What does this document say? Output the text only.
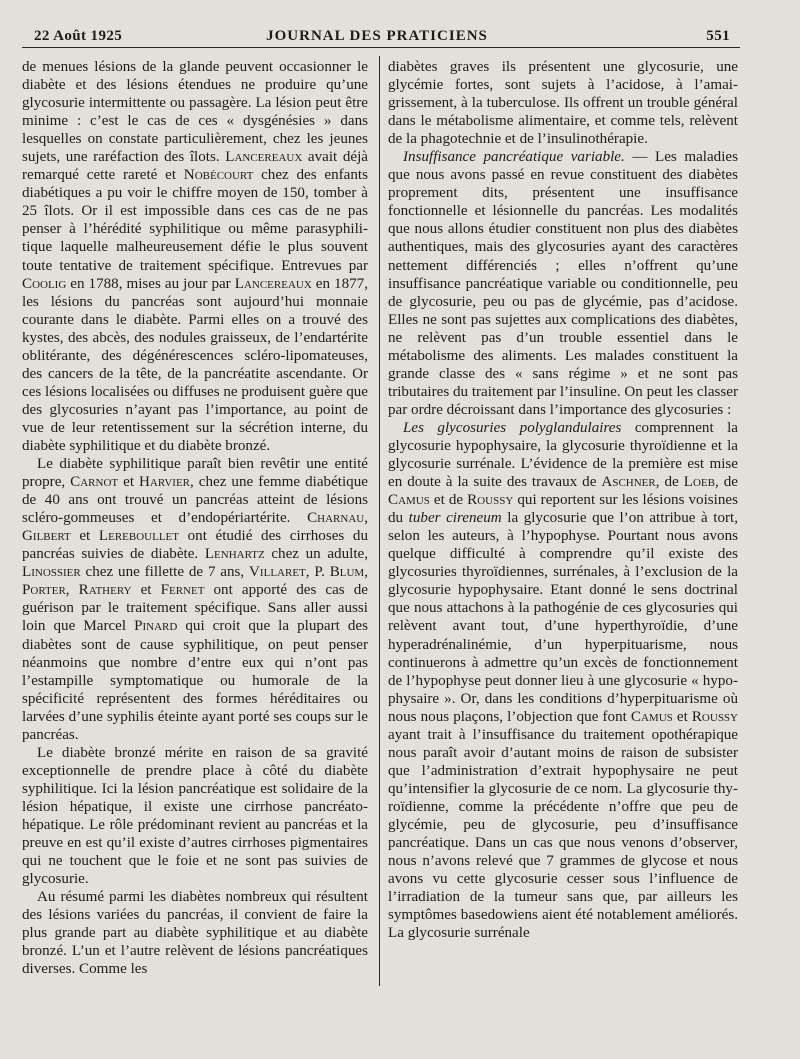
22 Août 1925	JOURNAL DES PRATICIENS	551

de menues lésions de la glande peuvent occasionner le diabète et des lésions étendues ne produire qu’une glycosurie intermittente ou passagère. La lésion peut être minime : c’est le cas de ces « dysgénésies » dans lesquelles on constate particulièrement, chez les jeunes sujets, une raréfaction des îlots. Lancereaux avait déjà remarqué cette rareté et Nobécourt chez des enfants diabétiques a pu voir le chiffre moyen de 150, tomber à 25 îlots. Or il est impossible dans ces cas de ne pas penser à l’hérédité syphilitique ou même parasyphilitique laquelle malheureusement défie le plus souvent toute tentative de traitement spécifique. Entrevues par Coolig en 1788, mises au jour par Lancereaux en 1877, les lésions du pancréas sont aujourd’hui monnaie courante dans le diabète. Parmi elles on a trouvé des kystes, des abcès, des nodules graisseux, de l’endartérite oblitérante, des dégénérescences scléro-lipomateuses, des cancers de la tête, de la pancréatite ascendante. Or ces lésions localisées ou diffuses ne produisent guère que des glycosuries n’ayant pas l’importance, au point de vue de leur retentissement sur la sécrétion interne, du diabète syphilitique et du diabète bronzé.

Le diabète syphilitique paraît bien revêtir une entité propre, Carnot et Harvier, chez une femme diabétique de 40 ans ont trouvé un pancréas atteint de lésions scléro-gommeuses et d’endopériartérite. Charnau, Gilbert et Lereboullet ont étudié des cirrhoses du pancréas suivies de diabète. Lenhartz chez un adulte, Linossier chez une fillette de 7 ans, Villaret, P. Blum, Porter, Rathery et Fernet ont apporté des cas de guérison par le traitement spécifique. Sans aller aussi loin que Marcel Pinard qui croit que la plupart des diabètes sont de cause syphilitique, on peut penser néanmoins que nombre d’entre eux qui n’ont pas l’estampille symptomatique ou humorale de la spécificité représentent des formes héréditaires ou larvées d’une syphilis éteinte ayant porté ses coups sur le pancréas.

Le diabète bronzé mérite en raison de sa gravité exceptionnelle de prendre place à côté du diabète syphilitique. Ici la lésion pancréatique est solidaire de la lésion hépatique, il existe une cirrhose pancréato-hépatique. Le rôle prédominant revient au pancréas et la preuve en est qu’il existe d’autres cirrhoses pigmentaires qui ne touchent que le foie et ne sont pas suivies de glycosurie.

Au résumé parmi les diabètes nombreux qui résultent des lésions variées du pancréas, il convient de faire la plus grande part au diabète syphilitique et au diabète bronzé. L’un et l’autre relèvent de lésions pancréatiques diverses. Comme les

diabètes graves ils présentent une glycosurie, une glycémie fortes, sont sujets à l’acidose, à l’amaigrissement, à la tuberculose. Ils offrent un trouble général dans le métabolisme alimentaire, et comme tels, relèvent de la phagotechnie et de l’insulinothérapie.

Insuffisance pancréatique variable. — Les maladies que nous avons passé en revue constituent des diabètes proprement dits, présentent une insuffisance fonctionnelle et lésionnelle du pancréas. Les modalités que nous allons étudier constituent non plus des diabètes authentiques, mais des glycosuries ayant des caractères nettement différenciés ; elles n’offrent qu’une insuffisance pancréatique variable ou conditionnelle, peu de glycosurie, peu ou pas de glycémie, pas d’acidose. Elles ne sont pas sujettes aux complications des diabètes, ne relèvent pas d’un trouble essentiel dans le métabolisme des aliments. Les malades constituent la grande classe des « sans régime » et ne sont pas tributaires du traitement par l’insuline. On peut les classer par ordre décroissant dans l’importance des glycosuries :

Les glycosuries polyglandulaires comprennent la glycosurie hypophysaire, la glycosurie thyroïdienne et la glycosurie surrénale. L’évidence de la première est mise en doute à la suite des travaux de Aschner, de Loeb, de Camus et de Roussy qui reportent sur les lésions voisines du tuber cireneum la glycosurie que l’on attribue à tort, selon les auteurs, à l’hypophyse. Pourtant nous avons quelque difficulté à comprendre qu’il existe des glycosuries thyroïdiennes, surrénales, à l’exclusion de la glycosurie hypophysaire. Etant donné le sens doctrinal que nous attachons à la pathogénie de ces glycosuries qui relèvent avant tout, d’une hyperthyroïdie, d’une hyperadrénalinémie, d’un hyperpituarisme, nous continuerons à admettre qu’un excès de fonctionnement de l’hypophyse peut donner lieu à une glycosurie « hypophysaire ». Or, dans les conditions d’hyperpituarisme où nous nous plaçons, l’objection que font Camus et Roussy ayant trait à l’insuffisance du traitement opothérapique nous paraît avoir d’autant moins de raison de subsister que l’administration d’extrait hypophysaire ne peut qu’intensifier la glycosurie de ce nom. La glycosurie thyroïdienne, comme la précédente n’offre que peu de glycémie, peu de glycosurie, peu d’insuffisance pancréatique. Dans un cas que nous venons d’observer, nous n’avons relevé que 7 grammes de glycose et nous avons vu cette glycosurie cesser sous l’influence de l’irradiation de la tumeur sans que, par ailleurs les symptômes basedowiens aient été notablement améliorés. La glycosurie surrénale
